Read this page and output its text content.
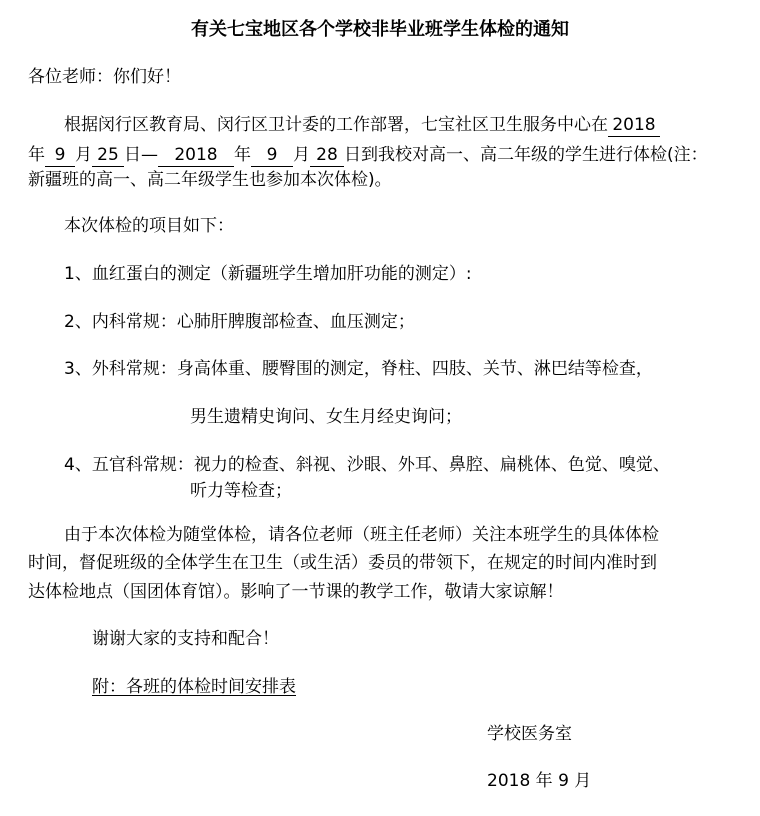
有关七宝地区各个学校非毕业班学生体检的通知
各位老师：你们好！
根据闵行区教育局、闵行区卫计委的工作部署，七宝社区卫生服务中心在 2018
年 9 月 25 日— 2018 年 9 月 28 日到我校对高一、高二年级的学生进行体检(注：
新疆班的高一、高二年级学生也参加本次体检)。
本次体检的项目如下：
1、血红蛋白的测定（新疆班学生增加肝功能的测定）:
2、内科常规：心肺肝脾腹部检查、血压测定；
3、外科常规：身高体重、腰臀围的测定，脊柱、四肢、关节、淋巴结等检查，
男生遗精史询问、女生月经史询问；
4、五官科常规：视力的检查、斜视、沙眼、外耳、鼻腔、扁桃体、色觉、嗅觉、
听力等检查；
由于本次体检为随堂体检，请各位老师（班主任老师）关注本班学生的具体体检
时间，督促班级的全体学生在卫生（或生活）委员的带领下，在规定的时间内准时到
达体检地点（国团体育馆）。影响了一节课的教学工作，敬请大家谅解！
谢谢大家的支持和配合！
附：各班的体检时间安排表
学校医务室
2018 年 9 月
